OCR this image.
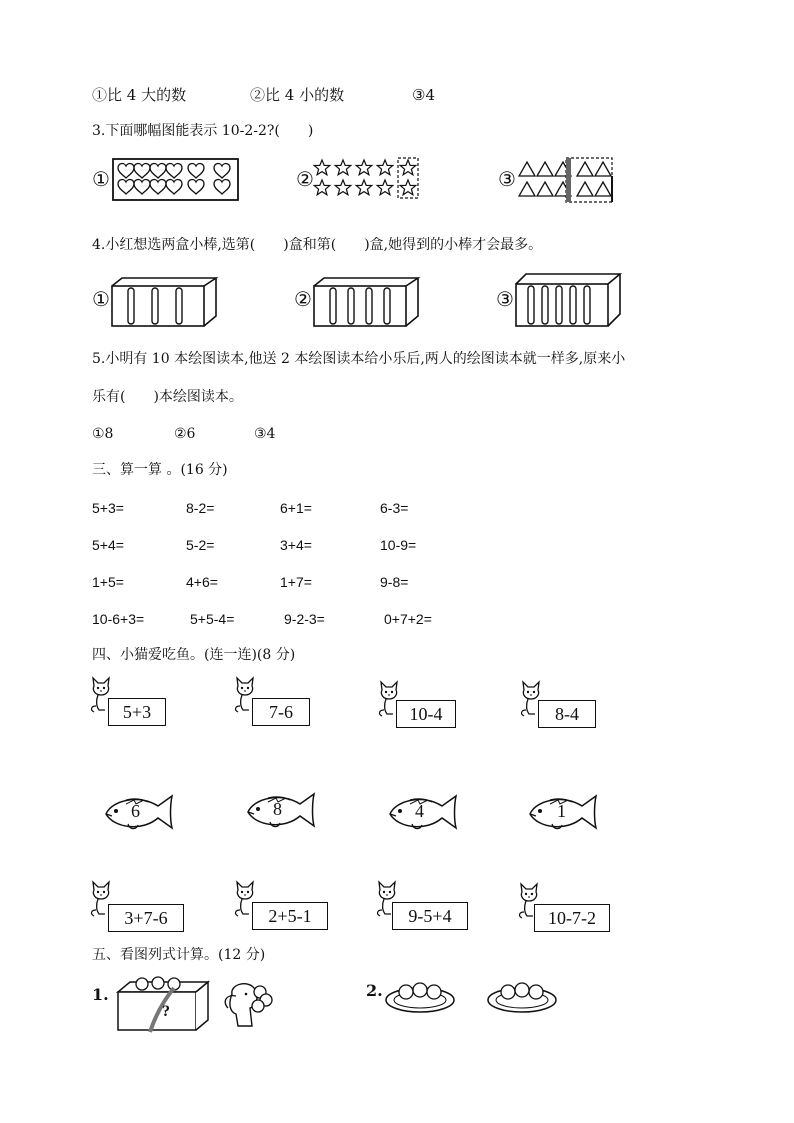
①比 4 大的数	②比 4 小的数	③4
3.下面哪幅图能表示 10-2-2?(　　)
①	②	③
4.小红想选两盒小棒,选第(　　)盒和第(　　)盒,她得到的小棒才会最多。
①	②	③
5.小明有 10 本绘图读本,他送 2 本绘图读本给小乐后,两人的绘图读本就一样多,原来小
乐有(　　)本绘图读本。
①8	②6	③4
三、算一算 。(16 分)
5+3=	8-2=	6+1=	6-3=
5+4=	5-2=	3+4=	10-9=
1+5=	4+6=	1+7=	9-8=
10-6+3=	5+5-4=	9-2-3=	0+7+2=
四、小猫爱吃鱼。(连一连)(8 分)
5+3	7-6	10-4	8-4
6	8	4	1
3+7-6	2+5-1	9-5+4	10-7-2
五、看图列式计算。(12 分)
1.
?
2.
